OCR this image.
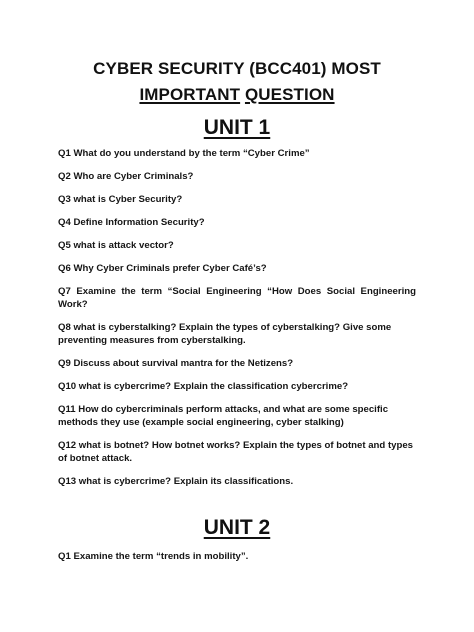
CYBER SECURITY (BCC401) MOST
IMPORTANT QUESTION
UNIT 1
Q1 What do you understand by the term “Cyber Crime”
Q2 Who are Cyber Criminals?
Q3 what is Cyber Security?
Q4 Define Information Security?
Q5 what is attack vector?
Q6 Why Cyber Criminals prefer Cyber Café’s?
Q7 Examine the term “Social Engineering “How Does Social Engineering Work?
Q8 what is cyberstalking? Explain the types of cyberstalking? Give some preventing measures from cyberstalking.
Q9 Discuss about survival mantra for the Netizens?
Q10 what is cybercrime? Explain the classification cybercrime?
Q11 How do cybercriminals perform attacks, and what are some specific methods they use (example social engineering, cyber stalking)
Q12 what is botnet? How botnet works? Explain the types of botnet and types of botnet attack.
Q13 what is cybercrime? Explain its classifications.
UNIT 2
Q1 Examine the term “trends in mobility”.
